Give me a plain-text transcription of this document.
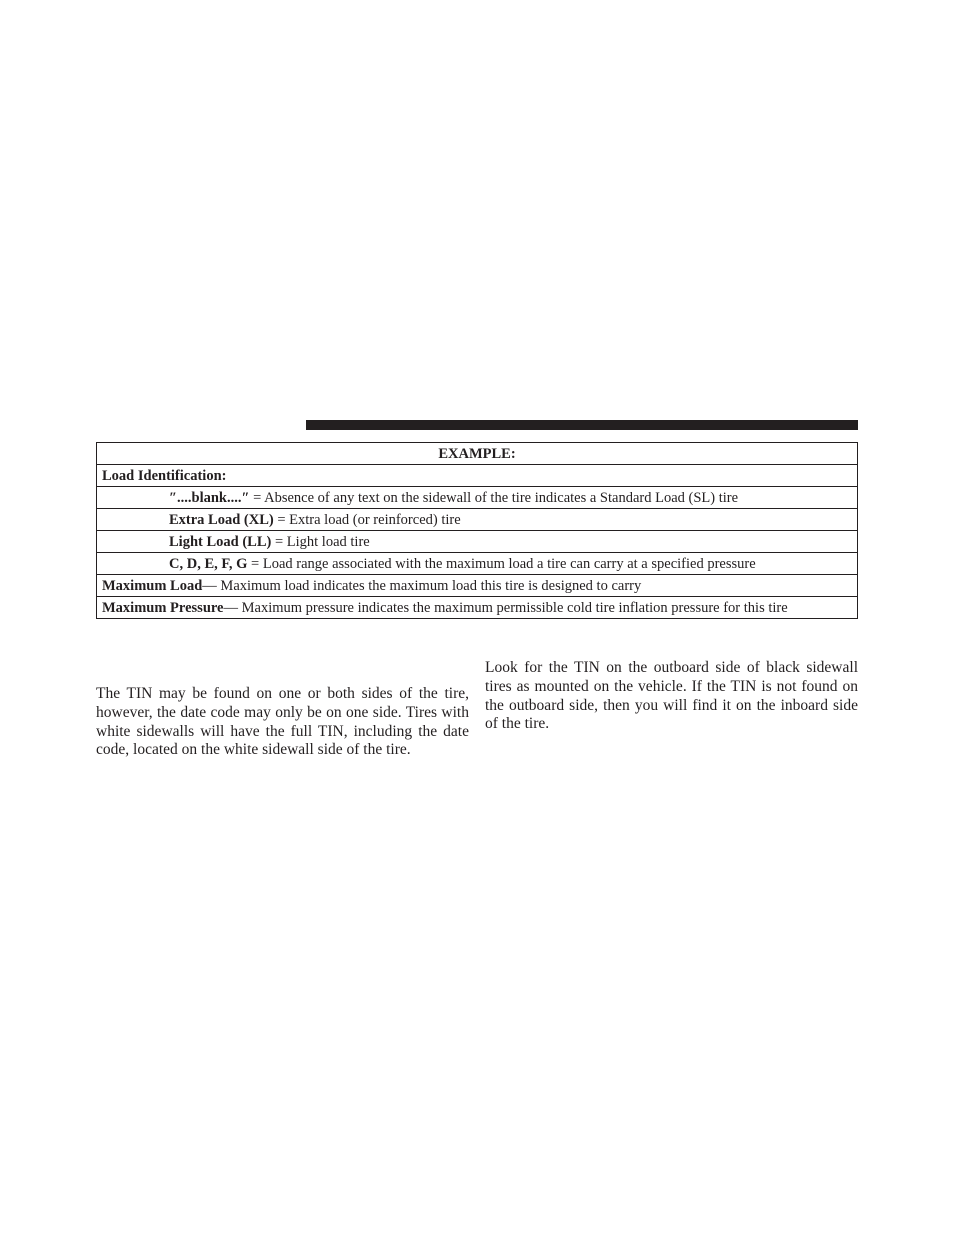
EXAMPLE:
Load Identification:
″....blank....″ = Absence of any text on the sidewall of the tire indicates a Standard Load (SL) tire
Extra Load (XL) = Extra load (or reinforced) tire
Light Load (LL) = Light load tire
C, D, E, F, G = Load range associated with the maximum load a tire can carry at a specified pressure
Maximum Load— Maximum load indicates the maximum load this tire is designed to carry
Maximum Pressure— Maximum pressure indicates the maximum permissible cold tire inflation pressure for this tire

The TIN may be found on one or both sides of the tire, however, the date code may only be on one side. Tires with white sidewalls will have the full TIN, including the date code, located on the white sidewall side of the tire.

Look for the TIN on the outboard side of black sidewall tires as mounted on the vehicle. If the TIN is not found on the outboard side, then you will find it on the inboard side of the tire.
